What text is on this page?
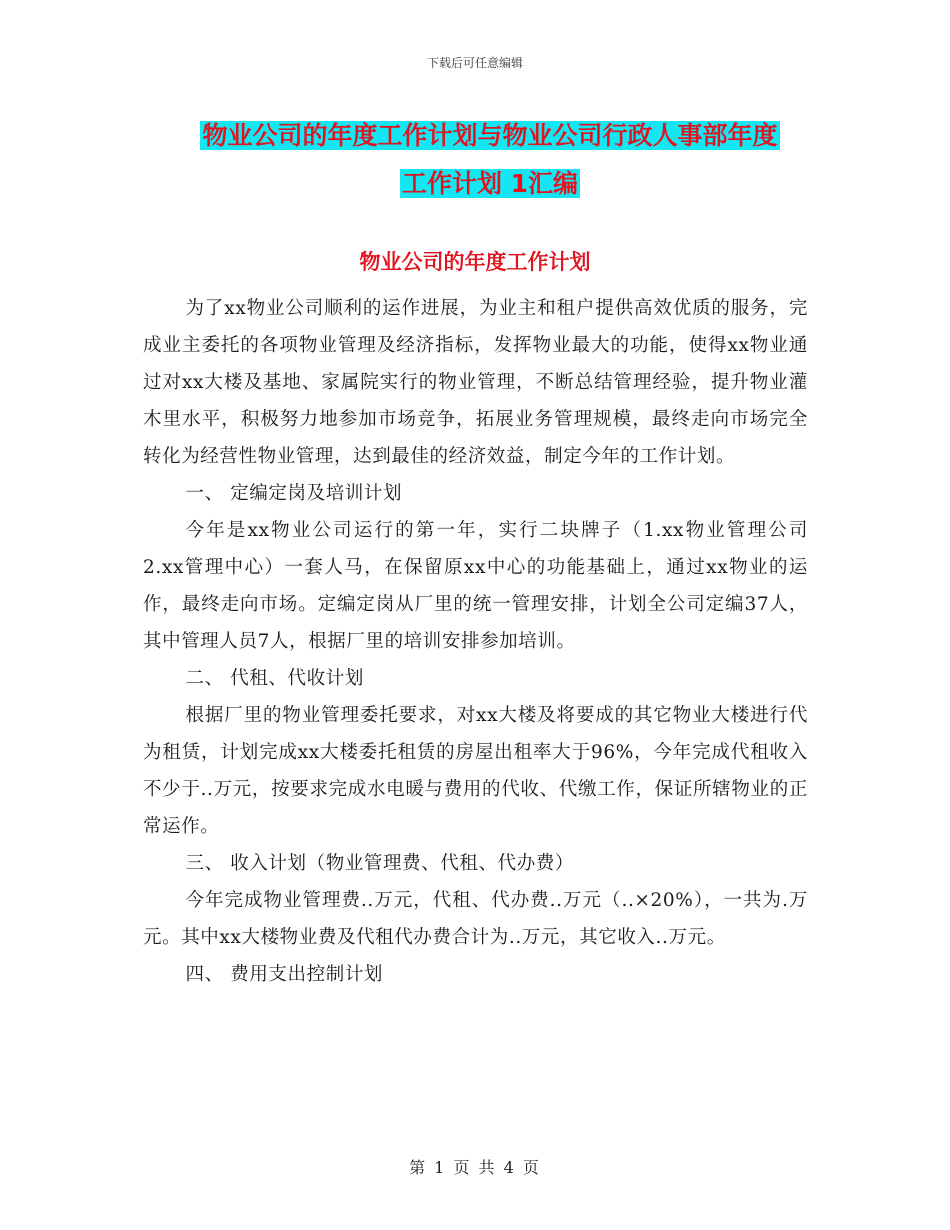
下载后可任意编辑
物业公司的年度工作计划与物业公司行政人事部年度
工作计划 1汇编
物业公司的年度工作计划

为了xx物业公司顺利的运作进展，为业主和租户提供高效优质的服务，完成业主委托的各项物业管理及经济指标，发挥物业最大的功能，使得xx物业通过对xx大楼及基地、家属院实行的物业管理，不断总结管理经验，提升物业灌木里水平，积极努力地参加市场竞争，拓展业务管理规模，最终走向市场完全转化为经营性物业管理，达到最佳的经济效益，制定今年的工作计划。

一、 定编定岗及培训计划

今年是xx物业公司运行的第一年，实行二块牌子（1.xx物业管理公司 2.xx管理中心）一套人马，在保留原xx中心的功能基础上，通过xx物业的运作，最终走向市场。定编定岗从厂里的统一管理安排，计划全公司定编37人，其中管理人员7人，根据厂里的培训安排参加培训。

二、 代租、代收计划

根据厂里的物业管理委托要求，对xx大楼及将要成的其它物业大楼进行代为租赁，计划完成xx大楼委托租赁的房屋出租率大于96%，今年完成代租收入不少于..万元，按要求完成水电暖与费用的代收、代缴工作，保证所辖物业的正常运作。

三、 收入计划（物业管理费、代租、代办费）

今年完成物业管理费..万元，代租、代办费..万元（..×20%），一共为.万元。其中xx大楼物业费及代租代办费合计为..万元，其它收入..万元。

四、 费用支出控制计划

第 1 页 共 4 页
